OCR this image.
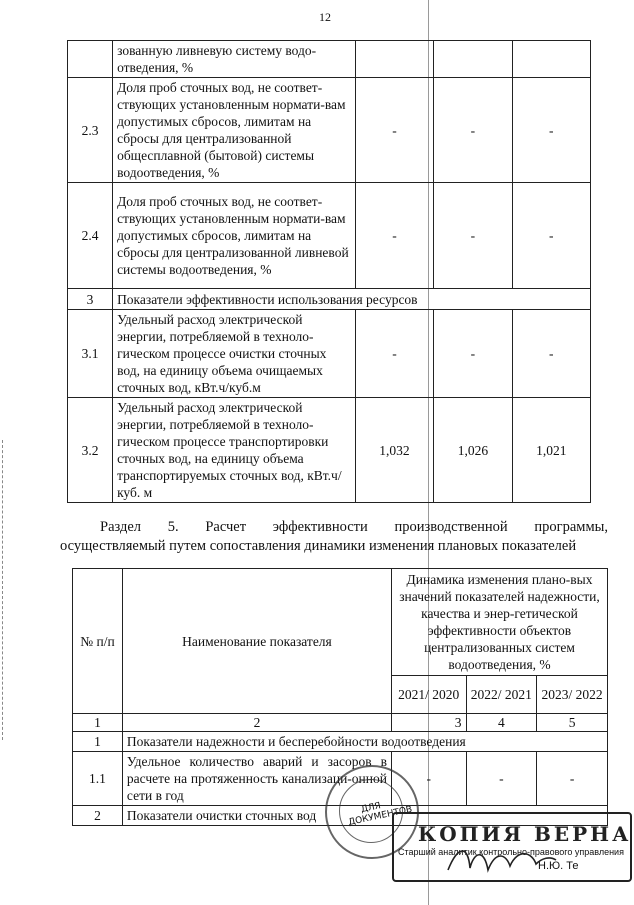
12
	зованную ливневую систему водо-отведения, %			
2.3	Доля проб сточных вод, не соответ-ствующих установленным нормати-вам допустимых сбросов, лимитам на сбросы для централизованной общесплавной (бытовой) системы водоотведения, %	-	-	-
2.4	Доля проб сточных вод, не соответ-ствующих установленным нормати-вам допустимых сбросов, лимитам на сбросы для централизованной ливневой системы водоотведения, %	-	-	-
3	Показатели эффективности использования ресурсов			
3.1	Удельный расход электрической энергии, потребляемой в техноло-гическом процессе очистки сточных вод, на единицу объема очищаемых сточных вод, кВт.ч/куб.м	-	-	-
3.2	Удельный расход электрической энергии, потребляемой в техноло-гическом процессе транспортировки сточных вод, на единицу объема транспортируемых сточных вод, кВт.ч/куб. м	1,032	1,026	1,021
Раздел 5. Расчет эффективности производственной программы,
осуществляемый путем сопоставления динамики изменения плановых показателей
№ п/п	Наименование показателя	Динамика изменения плано-вых значений показателей надежности, качества и энер-гетической эффективности объектов централизованных систем водоотведения, %		
		2021/ 2020	2022/ 2021	2023/ 2022
1	2	3	4	5
1	Показатели надежности и бесперебойности водоотведения			
1.1	Удельное количество аварий и засоров в расчете на протяженность канализаци-онной сети в год	-	-	-
2	Показатели очистки сточных вод				ДЛЯ ДОКУМЕНТОВ
КОПИЯ ВЕРНА
Старший аналитик контрольно-правового управления
Н.Ю. Те
